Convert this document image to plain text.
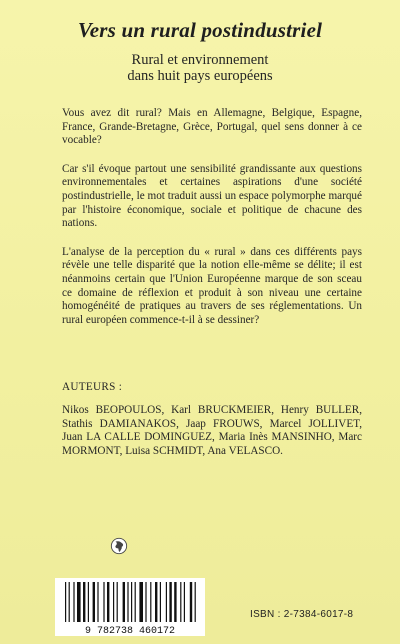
Vers un rural postindustriel
Rural et environnement
dans huit pays européens

Vous avez dit rural? Mais en Allemagne, Belgique, Espagne, France, Grande-Bretagne, Grèce, Portugal, quel sens donner à ce vocable?

Car s'il évoque partout une sensibilité grandissante aux questions environnementales et certaines aspirations d'une société postindustrielle, le mot traduit aussi un espace polymorphe marqué par l'histoire économique, sociale et politique de chacune des nations.

L'analyse de la perception du « rural » dans ces différents pays révèle une telle disparité que la notion elle-même se délite; il est néanmoins certain que l'Union Européenne marque de son sceau ce domaine de réflexion et produit à son niveau une certaine homogénéité de pratiques au travers de ses réglementations. Un rural européen commence-t-il à se dessiner?

AUTEURS :
Nikos BEOPOULOS, Karl BRUCKMEIER, Henry BULLER, Stathis DAMIANAKOS, Jaap FROUWS, Marcel JOLLIVET, Juan LA CALLE DOMINGUEZ, Maria Inès MANSINHO, Marc MORMONT, Luisa SCHMIDT, Ana VELASCO.
9 782738 460172
ISBN : 2-7384-6017-8
